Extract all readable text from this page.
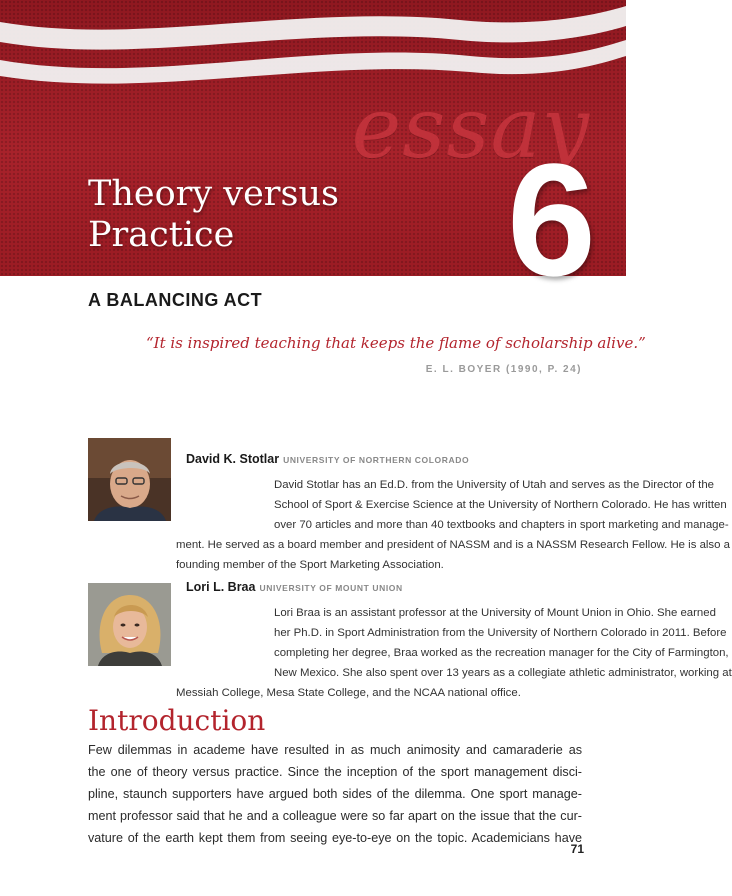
essay
6
Theory versus
Practice
A BALANCING ACT
“It is inspired teaching that keeps the flame of scholarship alive.”
E. L. BOYER (1990, P. 24)
David K. Stotlar UNIVERSITY OF NORTHERN COLORADO
David Stotlar has an Ed.D. from the University of Utah and serves as the Director of the
School of Sport & Exercise Science at the University of Northern Colorado. He has written
over 70 articles and more than 40 textbooks and chapters in sport marketing and manage-
ment. He served as a board member and president of NASSM and is a NASSM Research Fellow. He is also a
founding member of the Sport Marketing Association.
Lori L. Braa UNIVERSITY OF MOUNT UNION
Lori Braa is an assistant professor at the University of Mount Union in Ohio. She earned
her Ph.D. in Sport Administration from the University of Northern Colorado in 2011. Before
completing her degree, Braa worked as the recreation manager for the City of Farmington,
New Mexico. She also spent over 13 years as a collegiate athletic administrator, working at
Messiah College, Mesa State College, and the NCAA national office.
Introduction
Few dilemmas in academe have resulted in as much animosity and camaraderie as
the one of theory versus practice. Since the inception of the sport management disci-
pline, staunch supporters have argued both sides of the dilemma. One sport manage-
ment professor said that he and a colleague were so far apart on the issue that the cur-
vature of the earth kept them from seeing eye-to-eye on the topic. Academicians have
71
